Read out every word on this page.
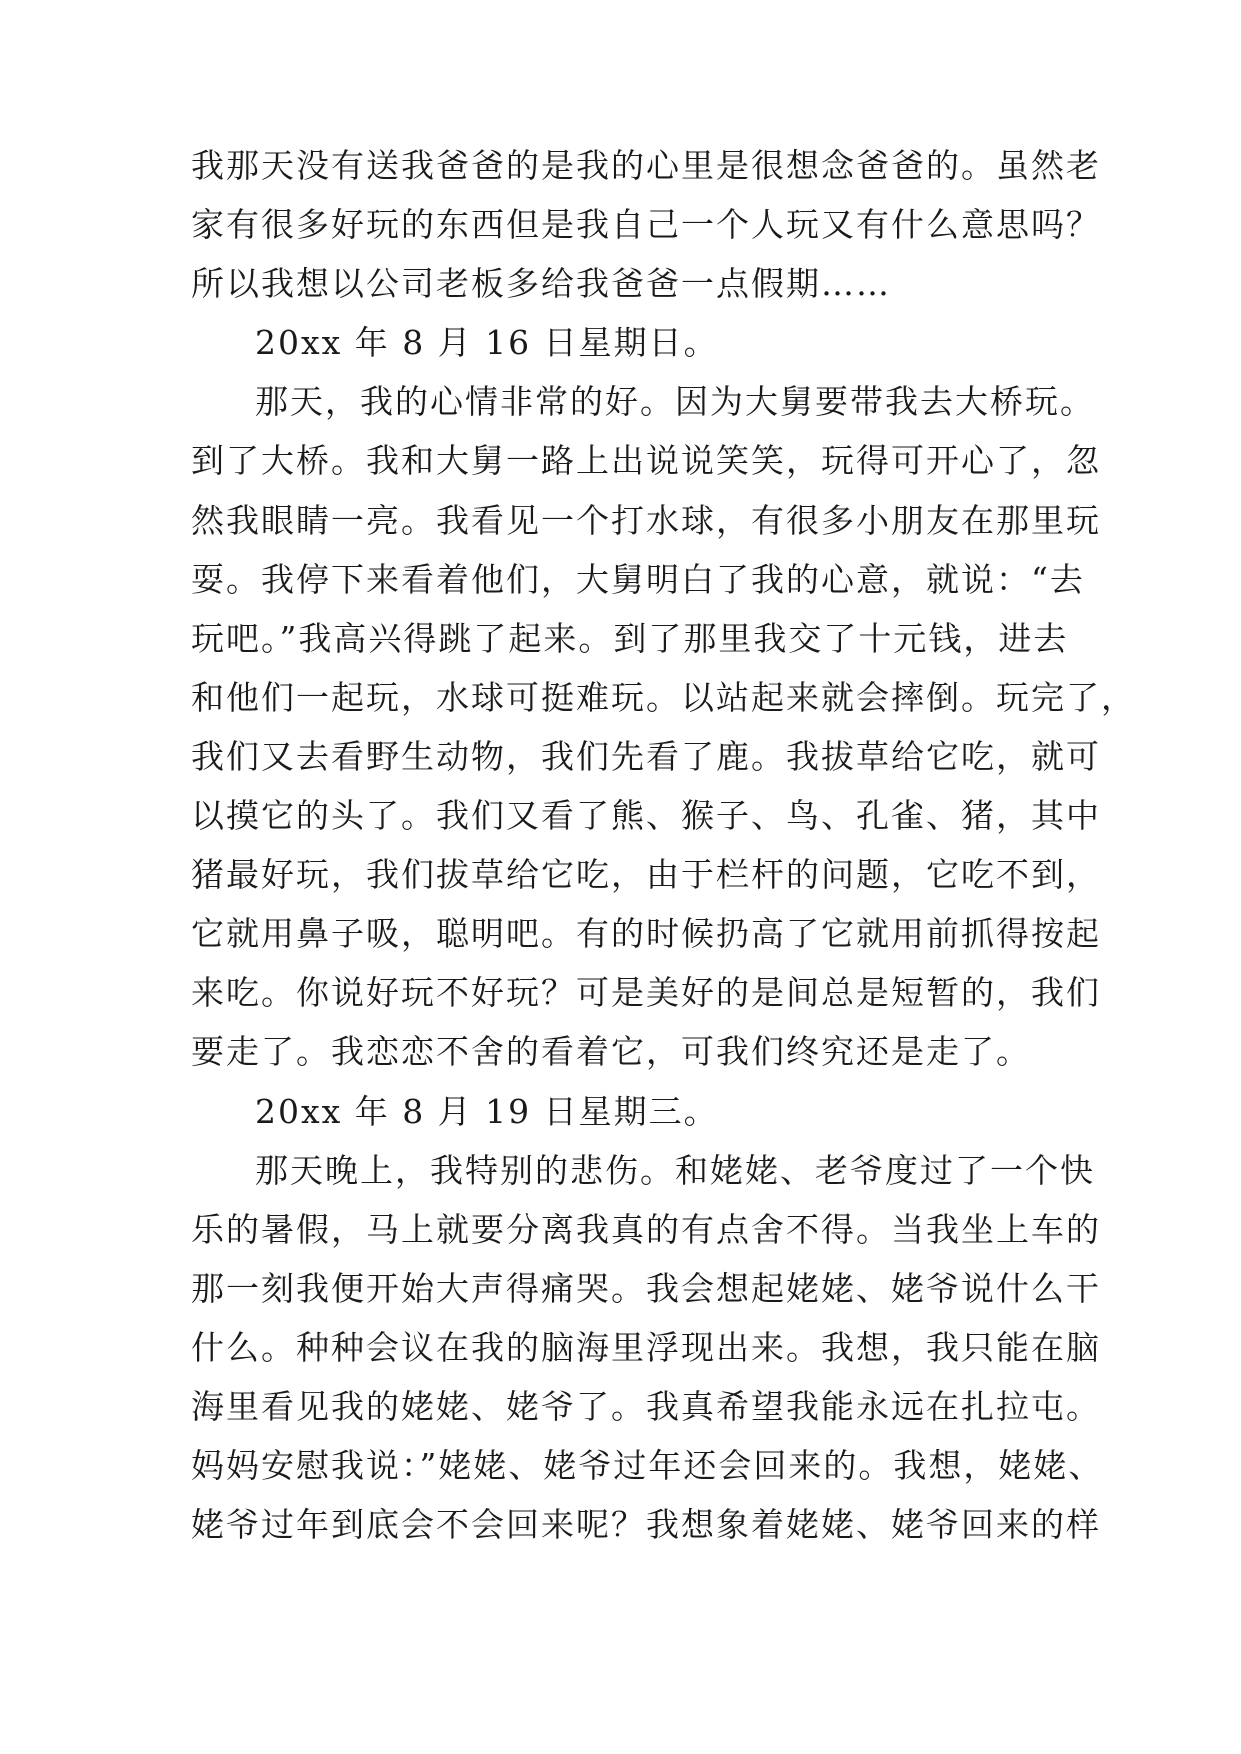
我那天没有送我爸爸的是我的心里是很想念爸爸的。虽然老
家有很多好玩的东西但是我自己一个人玩又有什么意思吗？
所以我想以公司老板多给我爸爸一点假期……
20xx 年 8 月 16 日星期日。
那天，我的心情非常的好。因为大舅要带我去大桥玩。
到了大桥。我和大舅一路上出说说笑笑，玩得可开心了，忽
然我眼睛一亮。我看见一个打水球，有很多小朋友在那里玩
耍。我停下来看着他们，大舅明白了我的心意，就说：“去
玩吧。”我高兴得跳了起来。到了那里我交了十元钱，进去
和他们一起玩，水球可挺难玩。以站起来就会摔倒。玩完了，
我们又去看野生动物，我们先看了鹿。我拔草给它吃，就可
以摸它的头了。我们又看了熊、猴子、鸟、孔雀、猪，其中
猪最好玩，我们拔草给它吃，由于栏杆的问题，它吃不到，
它就用鼻子吸，聪明吧。有的时候扔高了它就用前抓得按起
来吃。你说好玩不好玩？可是美好的是间总是短暂的，我们
要走了。我恋恋不舍的看着它，可我们终究还是走了。
20xx 年 8 月 19 日星期三。
那天晚上，我特别的悲伤。和姥姥、老爷度过了一个快
乐的暑假，马上就要分离我真的有点舍不得。当我坐上车的
那一刻我便开始大声得痛哭。我会想起姥姥、姥爷说什么干
什么。种种会议在我的脑海里浮现出来。我想，我只能在脑
海里看见我的姥姥、姥爷了。我真希望我能永远在扎拉屯。
妈妈安慰我说：”姥姥、姥爷过年还会回来的。我想，姥姥、
姥爷过年到底会不会回来呢？我想象着姥姥、姥爷回来的样
